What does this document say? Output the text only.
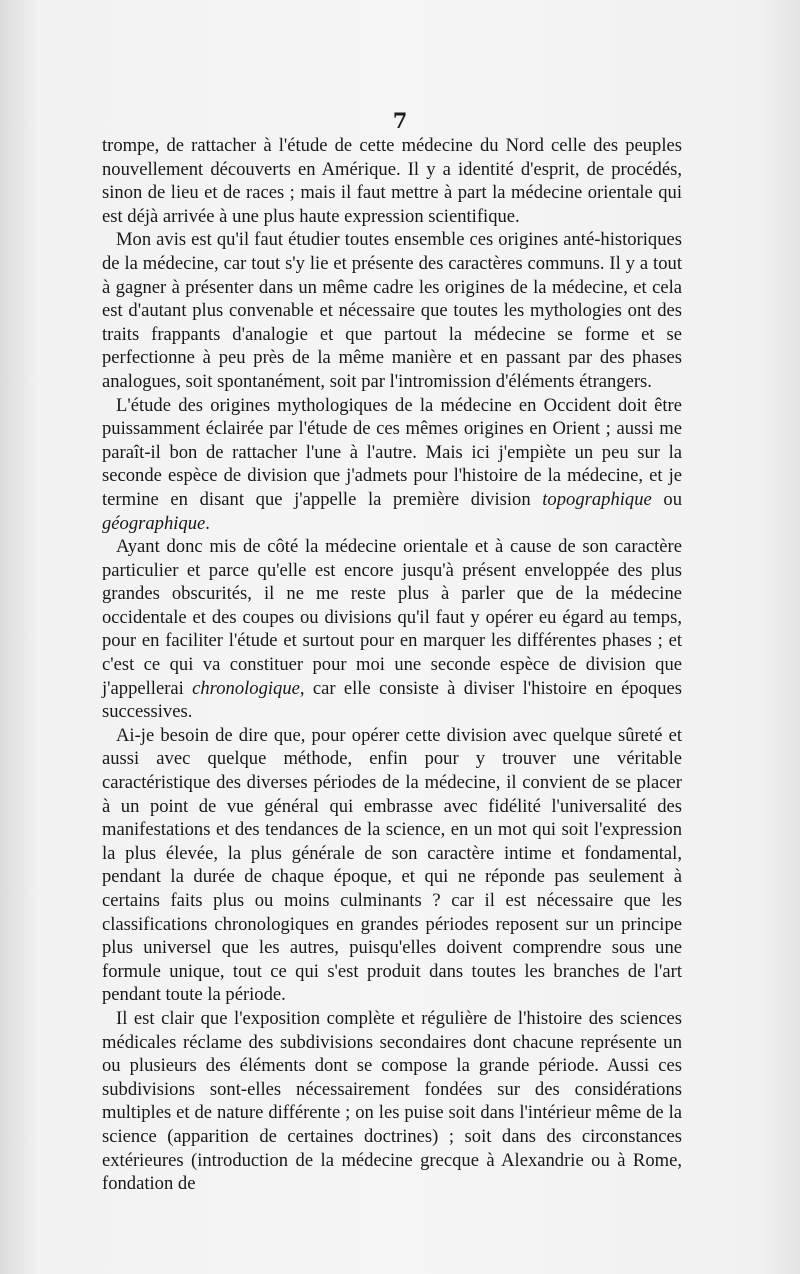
7

trompe, de rattacher à l'étude de cette médecine du Nord celle des peuples nouvellement découverts en Amérique. Il y a identité d'esprit, de procédés, sinon de lieu et de races ; mais il faut mettre à part la médecine orientale qui est déjà arrivée à une plus haute expression scientifique.

Mon avis est qu'il faut étudier toutes ensemble ces origines anté-historiques de la médecine, car tout s'y lie et présente des caractères communs. Il y a tout à gagner à présenter dans un même cadre les origines de la médecine, et cela est d'autant plus convenable et nécessaire que toutes les mythologies ont des traits frappants d'analogie et que partout la médecine se forme et se perfectionne à peu près de la même manière et en passant par des phases analogues, soit spontanément, soit par l'intromission d'éléments étrangers.

L'étude des origines mythologiques de la médecine en Occident doit être puissamment éclairée par l'étude de ces mêmes origines en Orient ; aussi me paraît-il bon de rattacher l'une à l'autre. Mais ici j'empiète un peu sur la seconde espèce de division que j'admets pour l'histoire de la médecine, et je termine en disant que j'appelle la première division topographique ou géographique.

Ayant donc mis de côté la médecine orientale et à cause de son caractère particulier et parce qu'elle est encore jusqu'à présent enveloppée des plus grandes obscurités, il ne me reste plus à parler que de la médecine occidentale et des coupes ou divisions qu'il faut y opérer eu égard au temps, pour en faciliter l'étude et surtout pour en marquer les différentes phases ; et c'est ce qui va constituer pour moi une seconde espèce de division que j'appellerai chronologique, car elle consiste à diviser l'histoire en époques successives.

Ai-je besoin de dire que, pour opérer cette division avec quelque sûreté et aussi avec quelque méthode, enfin pour y trouver une véritable caractéristique des diverses périodes de la médecine, il convient de se placer à un point de vue général qui embrasse avec fidélité l'universalité des manifestations et des tendances de la science, en un mot qui soit l'expression la plus élevée, la plus générale de son caractère intime et fondamental, pendant la durée de chaque époque, et qui ne réponde pas seulement à certains faits plus ou moins culminants ? car il est nécessaire que les classifications chronologiques en grandes périodes reposent sur un principe plus universel que les autres, puisqu'elles doivent comprendre sous une formule unique, tout ce qui s'est produit dans toutes les branches de l'art pendant toute la période.

Il est clair que l'exposition complète et régulière de l'histoire des sciences médicales réclame des subdivisions secondaires dont chacune représente un ou plusieurs des éléments dont se compose la grande période. Aussi ces subdivisions sont-elles nécessairement fondées sur des considérations multiples et de nature différente ; on les puise soit dans l'intérieur même de la science (apparition de certaines doctrines) ; soit dans des circonstances extérieures (introduction de la médecine grecque à Alexandrie ou à Rome, fondation de
